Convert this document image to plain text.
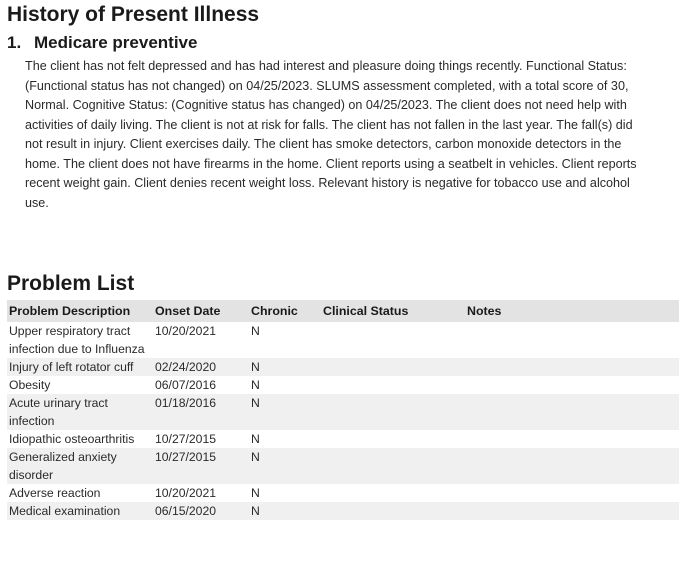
History of Present Illness
1. Medicare preventive
The client has not felt depressed and has had interest and pleasure doing things recently. Functional Status: (Functional status has not changed) on 04/25/2023. SLUMS assessment completed, with a total score of 30, Normal. Cognitive Status: (Cognitive status has changed) on 04/25/2023. The client does not need help with activities of daily living. The client is not at risk for falls. The client has not fallen in the last year. The fall(s) did not result in injury. Client exercises daily. The client has smoke detectors, carbon monoxide detectors in the home. The client does not have firearms in the home. Client reports using a seatbelt in vehicles. Client reports recent weight gain. Client denies recent weight loss. Relevant history is negative for tobacco use and alcohol use.
Problem List
Problem Description	Onset Date	Chronic	Clinical Status	Notes
Upper respiratory tract infection due to Influenza	10/20/2021	N		
Injury of left rotator cuff	02/24/2020	N		
Obesity	06/07/2016	N		
Acute urinary tract infection	01/18/2016	N		
Idiopathic osteoarthritis	10/27/2015	N		
Generalized anxiety disorder	10/27/2015	N		
Adverse reaction	10/20/2021	N		
Medical examination	06/15/2020	N		
